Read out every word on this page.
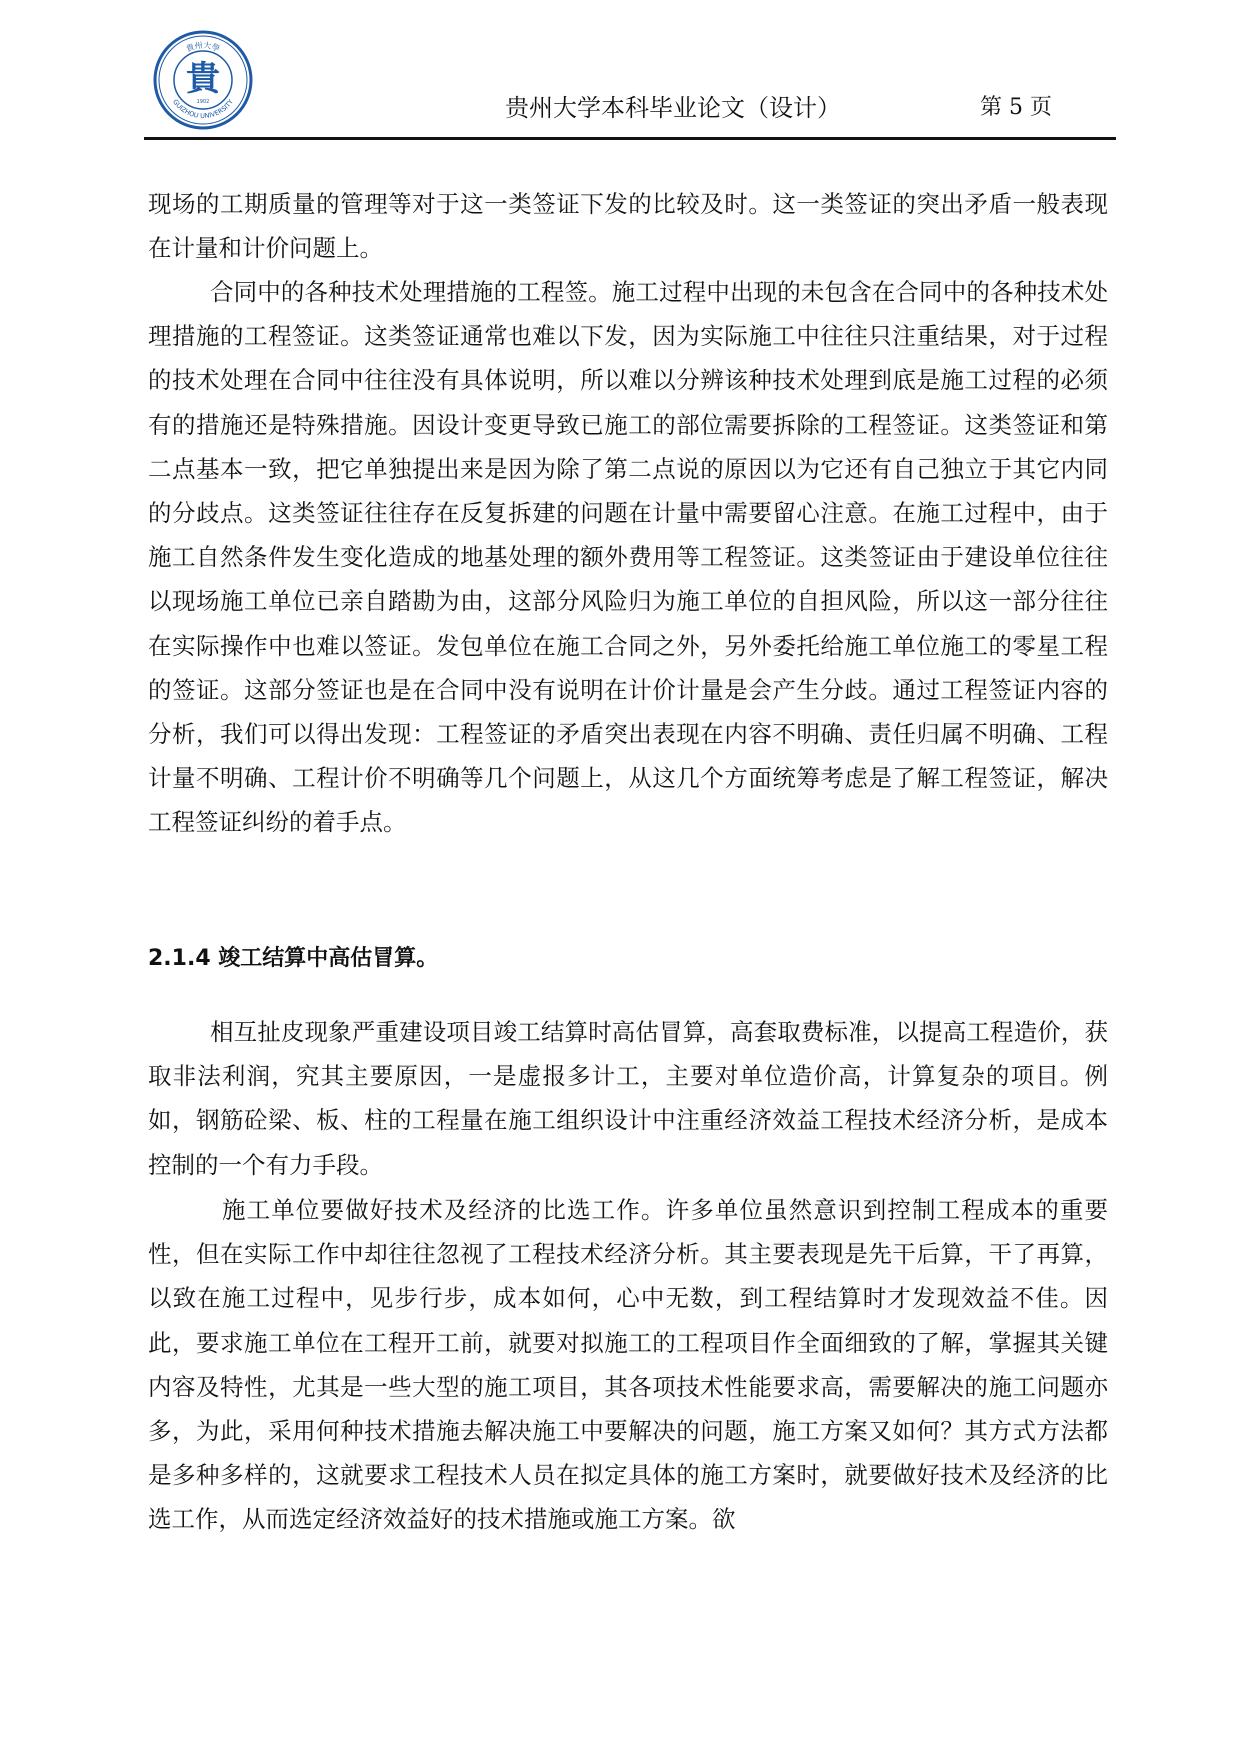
貴州大學
GUIZHOU UNIVERSITY
貴
1902	贵州大学本科毕业论文（设计）	第 5 页

现场的工期质量的管理等对于这一类签证下发的比较及时。这一类签证的突出矛盾一般表现在计量和计价问题上。

合同中的各种技术处理措施的工程签。施工过程中出现的未包含在合同中的各种技术处理措施的工程签证。这类签证通常也难以下发，因为实际施工中往往只注重结果，对于过程的技术处理在合同中往往没有具体说明，所以难以分辨该种技术处理到底是施工过程的必须有的措施还是特殊措施。因设计变更导致已施工的部位需要拆除的工程签证。这类签证和第二点基本一致，把它单独提出来是因为除了第二点说的原因以为它还有自己独立于其它内同的分歧点。这类签证往往存在反复拆建的问题在计量中需要留心注意。在施工过程中，由于施工自然条件发生变化造成的地基处理的额外费用等工程签证。这类签证由于建设单位往往以现场施工单位已亲自踏勘为由，这部分风险归为施工单位的自担风险，所以这一部分往往在实际操作中也难以签证。发包单位在施工合同之外，另外委托给施工单位施工的零星工程的签证。这部分签证也是在合同中没有说明在计价计量是会产生分歧。通过工程签证内容的分析，我们可以得出发现：工程签证的矛盾突出表现在内容不明确、责任归属不明确、工程计量不明确、工程计价不明确等几个问题上，从这几个方面统筹考虑是了解工程签证，解决工程签证纠纷的着手点。

2.1.4 竣工结算中高估冒算。

相互扯皮现象严重建设项目竣工结算时高估冒算，高套取费标准，以提高工程造价，获取非法利润，究其主要原因，一是虚报多计工，主要对单位造价高，计算复杂的项目。例如，钢筋砼梁、板、柱的工程量在施工组织设计中注重经济效益工程技术经济分析，是成本控制的一个有力手段。

施工单位要做好技术及经济的比选工作。许多单位虽然意识到控制工程成本的重要性，但在实际工作中却往往忽视了工程技术经济分析。其主要表现是先干后算，干了再算，以致在施工过程中，见步行步，成本如何，心中无数，到工程结算时才发现效益不佳。因此，要求施工单位在工程开工前，就要对拟施工的工程项目作全面细致的了解，掌握其关键内容及特性，尤其是一些大型的施工项目，其各项技术性能要求高，需要解决的施工问题亦多，为此，采用何种技术措施去解决施工中要解决的问题，施工方案又如何？其方式方法都是多种多样的，这就要求工程技术人员在拟定具体的施工方案时，就要做好技术及经济的比选工作，从而选定经济效益好的技术措施或施工方案。欲
